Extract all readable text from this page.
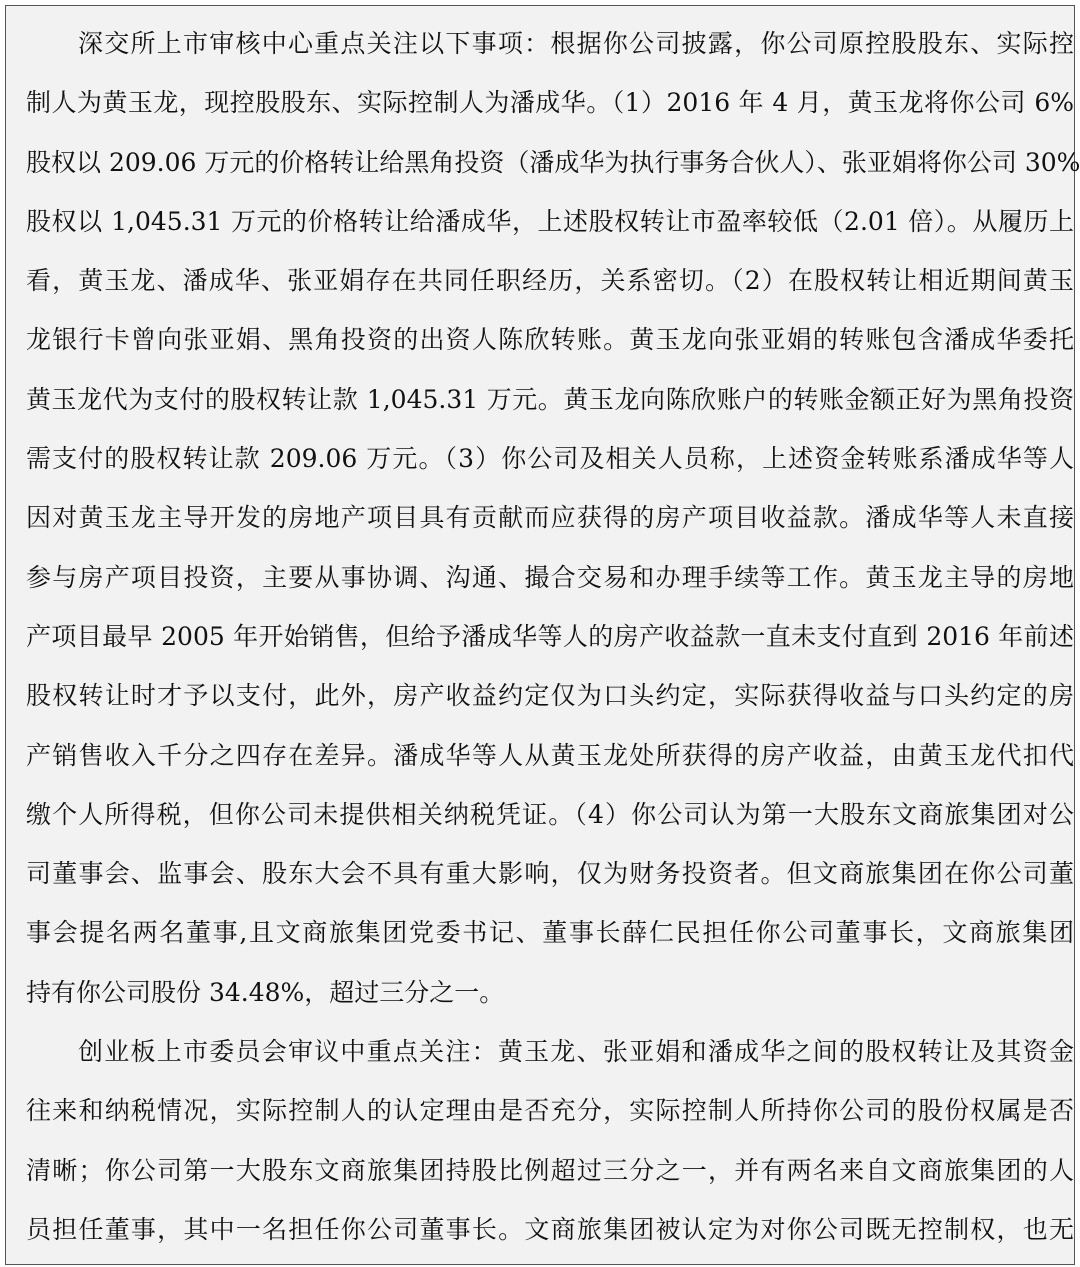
深交所上市审核中心重点关注以下事项：根据你公司披露，你公司原控股股东、实际控
制人为黄玉龙，现控股股东、实际控制人为潘成华。（1）2016 年 4 月，黄玉龙将你公司 6%
股权以 209.06 万元的价格转让给黑角投资（潘成华为执行事务合伙人）、张亚娟将你公司 30%
股权以 1,045.31 万元的价格转让给潘成华，上述股权转让市盈率较低（2.01 倍）。从履历上
看，黄玉龙、潘成华、张亚娟存在共同任职经历，关系密切。（2）在股权转让相近期间黄玉
龙银行卡曾向张亚娟、黑角投资的出资人陈欣转账。黄玉龙向张亚娟的转账包含潘成华委托
黄玉龙代为支付的股权转让款 1,045.31 万元。黄玉龙向陈欣账户的转账金额正好为黑角投资
需支付的股权转让款 209.06 万元。（3）你公司及相关人员称，上述资金转账系潘成华等人
因对黄玉龙主导开发的房地产项目具有贡献而应获得的房产项目收益款。潘成华等人未直接
参与房产项目投资，主要从事协调、沟通、撮合交易和办理手续等工作。黄玉龙主导的房地
产项目最早 2005 年开始销售，但给予潘成华等人的房产收益款一直未支付直到 2016 年前述
股权转让时才予以支付，此外，房产收益约定仅为口头约定，实际获得收益与口头约定的房
产销售收入千分之四存在差异。潘成华等人从黄玉龙处所获得的房产收益，由黄玉龙代扣代
缴个人所得税，但你公司未提供相关纳税凭证。（4）你公司认为第一大股东文商旅集团对公
司董事会、监事会、股东大会不具有重大影响，仅为财务投资者。但文商旅集团在你公司董
事会提名两名董事,且文商旅集团党委书记、董事长薛仁民担任你公司董事长，文商旅集团
持有你公司股份 34.48%，超过三分之一。
创业板上市委员会审议中重点关注：黄玉龙、张亚娟和潘成华之间的股权转让及其资金
往来和纳税情况，实际控制人的认定理由是否充分，实际控制人所持你公司的股份权属是否
清晰；你公司第一大股东文商旅集团持股比例超过三分之一，并有两名来自文商旅集团的人
员担任董事，其中一名担任你公司董事长。文商旅集团被认定为对你公司既无控制权，也无
